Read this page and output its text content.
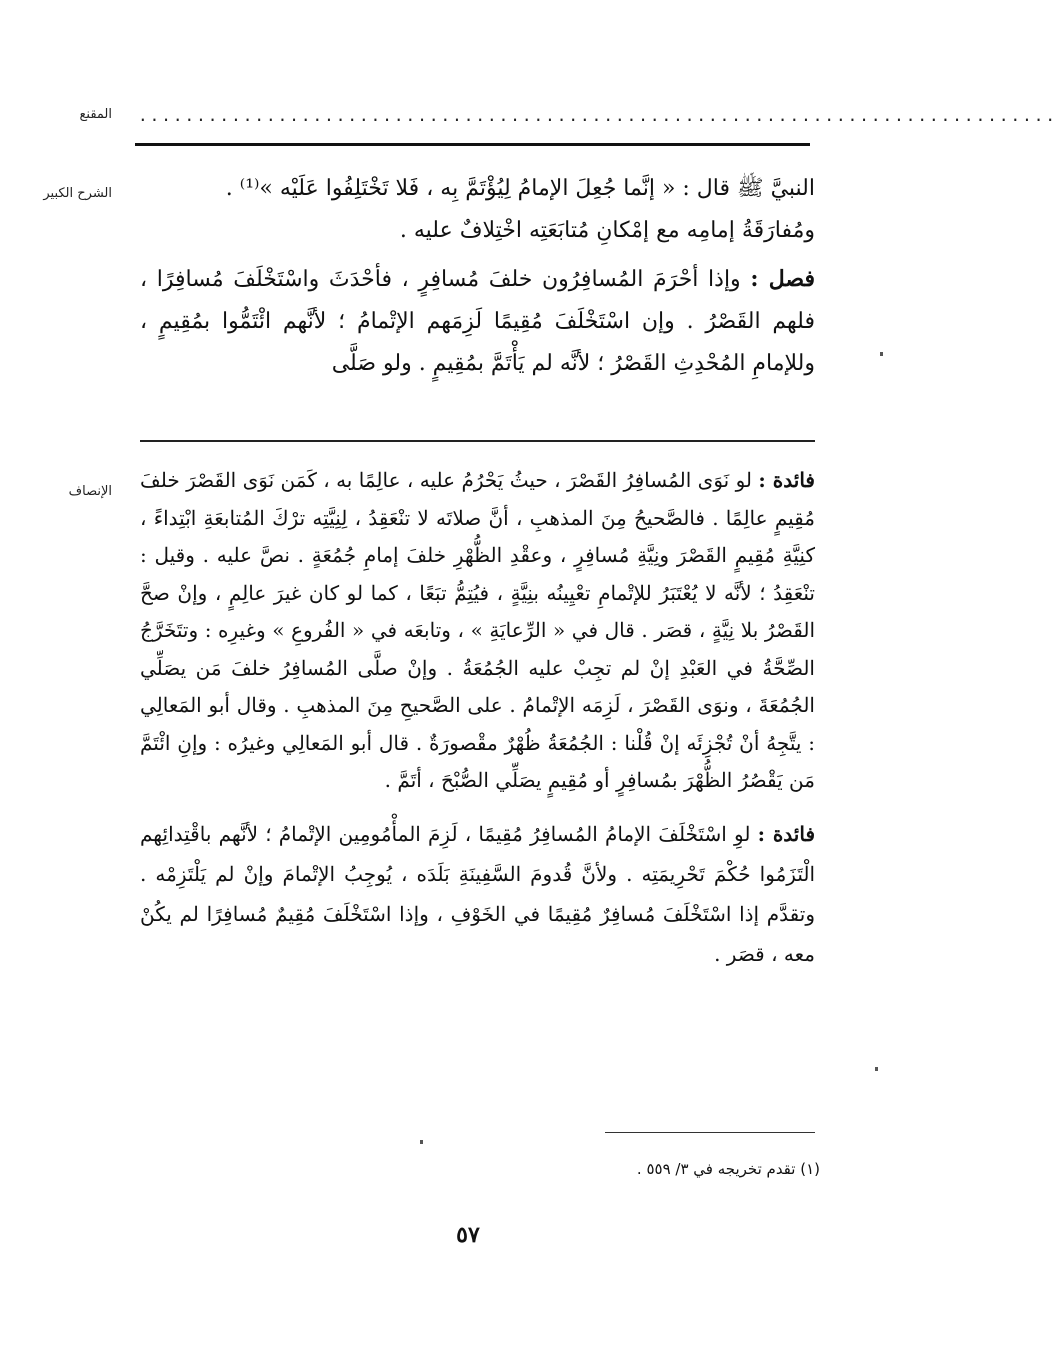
المقنع ...............................................................................
الشرح الكبير	النبيَّ ﷺ قال : « إنَّما جُعِلَ الإمامُ لِيُؤْتَمَّ بِه ، فَلا تَخْتَلِفُوا عَلَيْه »⁽¹⁾ .

ومُفارَقَةُ إمامِه مع إمْكانِ مُتابَعَتِه اخْتِلافٌ عليه .

فصل : وإذا أحْرَمَ المُسافِرُون خلفَ مُسافِرٍ ، فأحْدَثَ واسْتَخْلَفَ مُسافِرًا ، فلهم القَصْرُ . وإن اسْتَخْلَفَ مُقِيمًا لَزِمَهم الإتْمامُ ؛ لأنَّهم ائْتَمُّوا بمُقِيمٍ ، وللإمامِ المُحْدِثِ القَصْرُ ؛ لأنَّه لم يَأْتَمَّ بمُقِيمٍ . ولو صَلَّى

الإنصاف	فائدة : لو نَوَى المُسافِرُ القَصْرَ ، حيثُ يَحْرُمُ عليه ، عالِمًا به ، كَمَن نَوَى القَصْرَ خلفَ مُقِيمٍ عالِمًا . فالصَّحيحُ مِنَ المذهبِ ، أنَّ صلاتَه لا تنْعَقِدُ ، لِنِيَّتِه ترْكَ المُتابعَةِ ابْتِداءً ، كنِيَّةِ مُقِيمٍ القَصْرَ ونِيَّةِ مُسافِرٍ ، وعقْدِ الظُّهْرِ خلفَ إمامِ جُمُعَةٍ . نصَّ عليه . وقيل : تنْعَقِدُ ؛ لأنَّه لا يُعْتَبَرُ للإتْمامِ تعْيِينُه بنِيَّةٍ ، فيُتِمُّ تبَعًا ، كما لو كان غيرَ عالِمٍ ، وإنْ صحَّ القَصْرُ بلا نِيَّةٍ ، قصَر . قال في « الرِّعايَةِ » ، وتابعَه في « الفُروعِ » وغيرِه : وتتَخَرَّجُ الصِّحَّةُ في العَبْدِ إنْ لم تجِبْ عليه الجُمُعَةُ . وإنْ صلَّى المُسافِرُ خلفَ مَن يصَلِّي الجُمُعَةَ ، ونوَى القَصْرَ ، لَزِمَه الإتْمامُ . على الصَّحيحِ مِنَ المذهبِ . وقال أبو المَعالِي : يتَّجِهُ أنْ تُجْزِئَه إنْ قُلْنا : الجُمُعَةُ ظُهْرٌ مقْصورَةٌ . قال أبو المَعالِي وغيرُه : وإنِ ائْتَمَّ مَن يَقْصُرُ الظُّهْرَ بمُسافِرٍ أو مُقِيمٍ يصَلِّي الصُّبْحَ ، أتَمَّ .

فائدة : لوِ اسْتَخْلَفَ الإمامُ المُسافِرُ مُقِيمًا ، لَزِمَ المأْمُومِين الإتْمامُ ؛ لأنَّهم باقْتِدائِهم الْتَزَمُوا حُكْمَ تَحْرِيمَتِه . ولأنَّ قُدومَ السَّفِينَةِ بَلَدَه ، يُوجِبُ الإتْمامَ وإنْ لم يَلْتَزِمْه . وتقدَّم إذا اسْتَخْلَفَ مُسافِرٌ مُقِيمًا في الخَوْفِ ، وإذا اسْتَخْلَفَ مُقِيمٌ مُسافِرًا لم يكُنْ معه ، قصَر .

(١) تقدم تخريجه في ٣/ ٥٥٩ .
٥٧
